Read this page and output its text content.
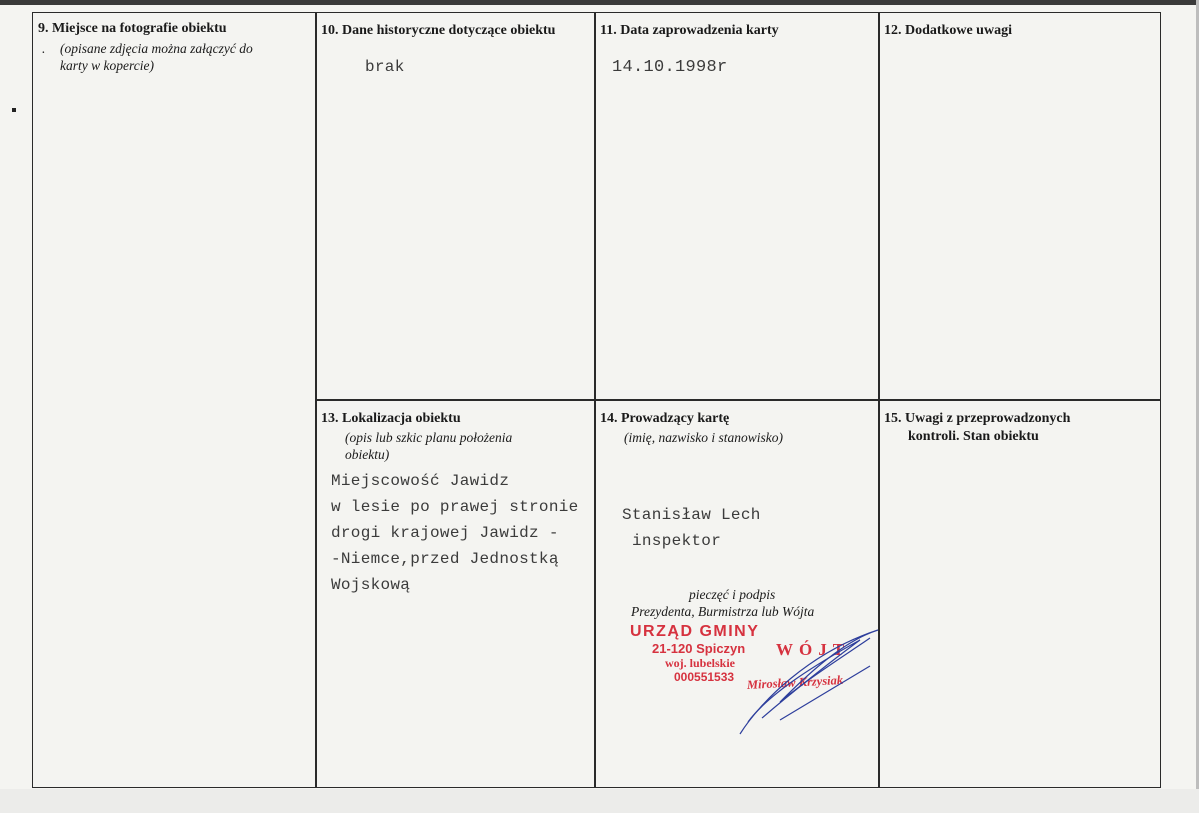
9. Miejsce na fotografie obiektu
. (opisane zdjęcia można załączyć do
karty w kopercie)
10. Dane historyczne dotyczące obiektu
brak
11. Data zaprowadzenia karty
14.10.1998r
12. Dodatkowe uwagi
13. Lokalizacja obiektu
(opis lub szkic planu położenia
obiektu)
Miejscowość Jawidz
w lesie po prawej stronie
drogi krajowej Jawidz -
-Niemce,przed Jednostką
Wojskową
14. Prowadzący kartę
(imię, nazwisko i stanowisko)
Stanisław Lech
inspektor
pieczęć i podpis
Prezydenta, Burmistrza lub Wójta
URZĄD GMINY
21-120 Spiczyn
woj. lubelskie
000551533
WÓJT
Mirosław Krzysiak
15. Uwagi z przeprowadzonych
kontroli. Stan obiektu
